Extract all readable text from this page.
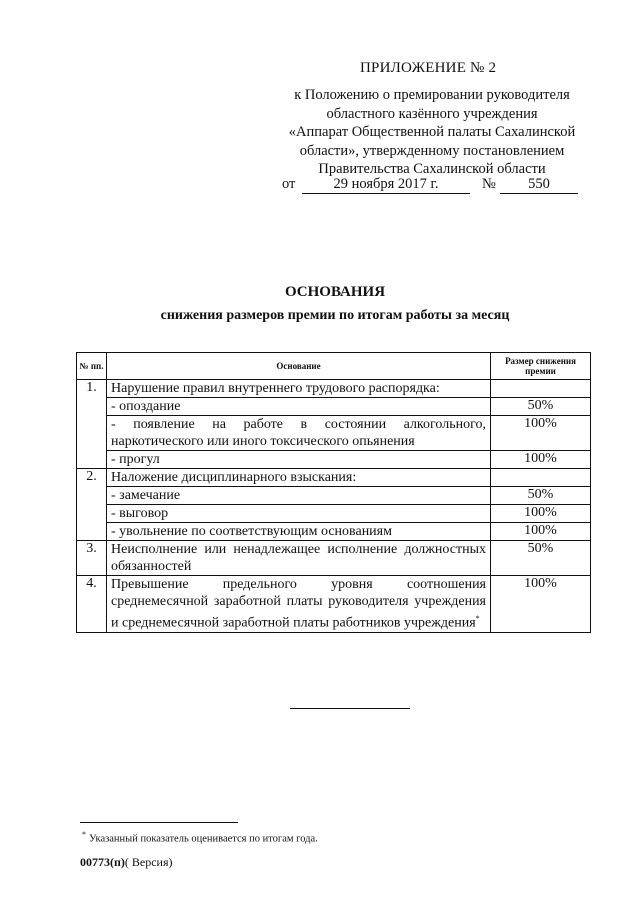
ПРИЛОЖЕНИЕ № 2
к Положению о премировании руководителя
областного казённого учреждения
«Аппарат Общественной палаты Сахалинской
области», утвержденному постановлением
Правительства Сахалинской области
от	29 ноября 2017 г.	№	550
ОСНОВАНИЯ
снижения размеров премии по итогам работы за месяц
№ пп.	Основание	Размер снижения премии
1.	Нарушение правил внутреннего трудового распорядка:	
	- опоздание	50%
	- появление на работе в состоянии алкогольного, наркотического или иного токсического опьянения	100%
	- прогул	100%
2.	Наложение дисциплинарного взыскания:	
	- замечание	50%
	- выговор	100%
	- увольнение по соответствующим основаниям	100%
3.	Неисполнение или ненадлежащее исполнение должностных обязанностей	50%
4.	Превышение предельного уровня соотношения среднемесячной заработной платы руководителя учреждения и среднемесячной заработной платы работников учреждения*	100%
* Указанный показатель оценивается по итогам года.
00773(п)( Версия)
